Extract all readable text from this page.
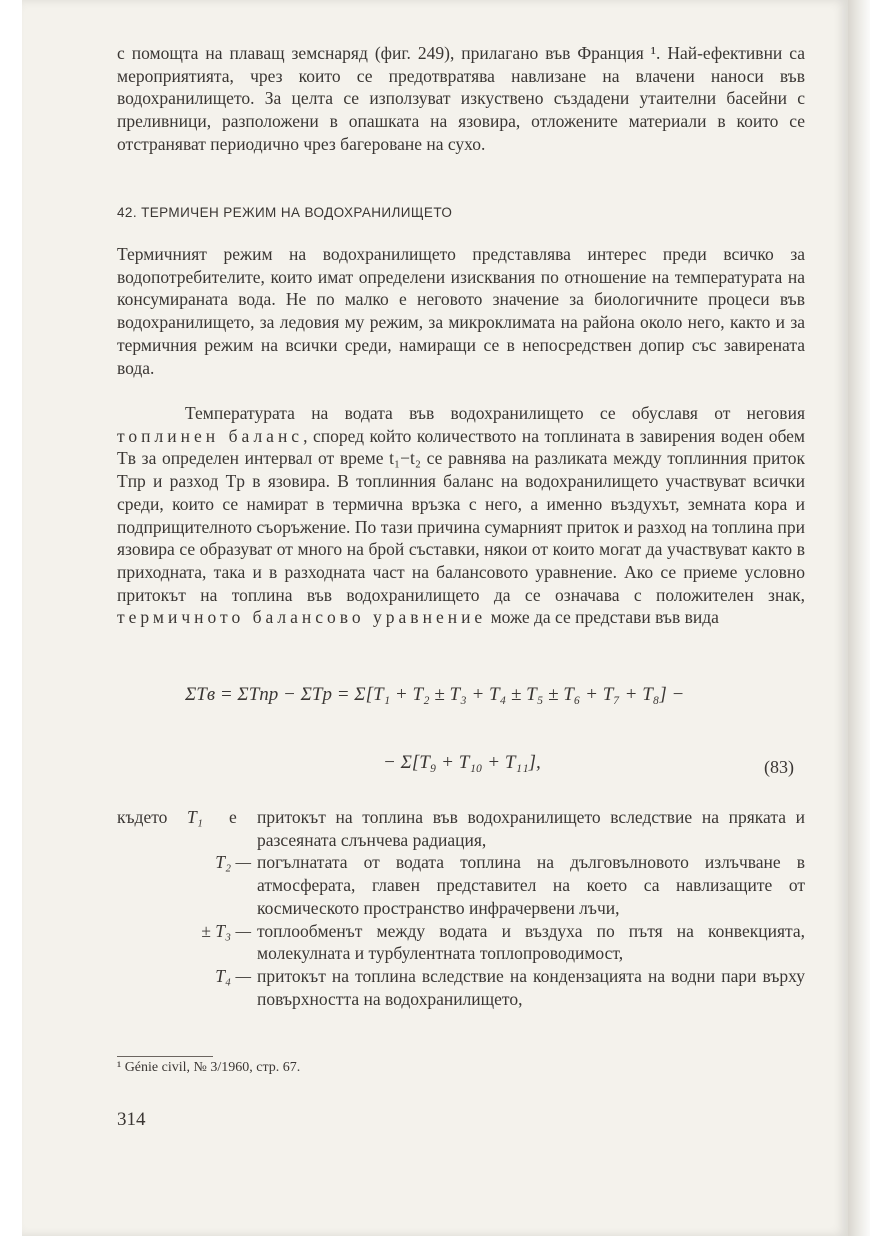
с помощта на плаващ земснаряд (фиг. 249), прилагано във Франция ¹. Най-ефективни са мероприятията, чрез които се предотвратява навлизане на влачени наноси във водохранилището. За целта се използуват изкуствено създадени утаителни басейни с преливници, разположени в опашката на язовира, отложените материали в които се отстраняват периодично чрез багероване на сухо.
42. ТЕРМИЧЕН РЕЖИМ НА ВОДОХРАНИЛИЩЕТО
Термичният режим на водохранилището представлява интерес преди всичко за водопотребителите, които имат определени изисквания по отношение на температурата на консумираната вода. Не по малко е неговото значение за биологичните процеси във водохранилището, за ледовия му режим, за микроклимата на района около него, както и за термичния режим на всички среди, намиращи се в непосредствен допир със завирената вода.
Температурата на водата във водохранилището се обуславя от неговия топлинен баланс, според който количеството на топлината в завирения воден обем Tв за определен интервал от време t₁−t₂ се равнява на разликата между топлинния приток Tпр и разход Tр в язовира. В топлинния баланс на водохранилището участвуват всички среди, които се намират в термична връзка с него, а именно въздухът, земната кора и подприщителното съоръжение. По тази причина сумарният приток и разход на топлина при язовира се образуват от много на брой съставки, някои от които могат да участвуват както в приходната, така и в разходната част на балансовото уравнение. Ако се приеме условно притокът на топлина във водохранилището да се означава с положителен знак, термичното балансово уравнение може да се представи във вида
ΣTв = ΣTпр − ΣTр = Σ[T₁ + T₂ ± T₃ + T₄ ± T₅ ± T₆ + T₇ + T₈] −
− Σ[T₉ + T₁₀ + T₁₁],	(83)
където T₁ е притокът на топлина във водохранилището вследствие на пряката и разсеяната слънчева радиация,
T₂ — погълнатата от водата топлина на дълговълновото излъчване в атмосферата, главен представител на което са навлизащите от космическото пространство инфрачервени лъчи,
± T₃ — топлообменът между водата и въздуха по пътя на конвекцията, молекулната и турбулентната топлопроводимост,
T₄ — притокът на топлина вследствие на кондензацията на водни пари върху повърхността на водохранилището,
¹ Génie civil, № 3/1960, стр. 67.
314
